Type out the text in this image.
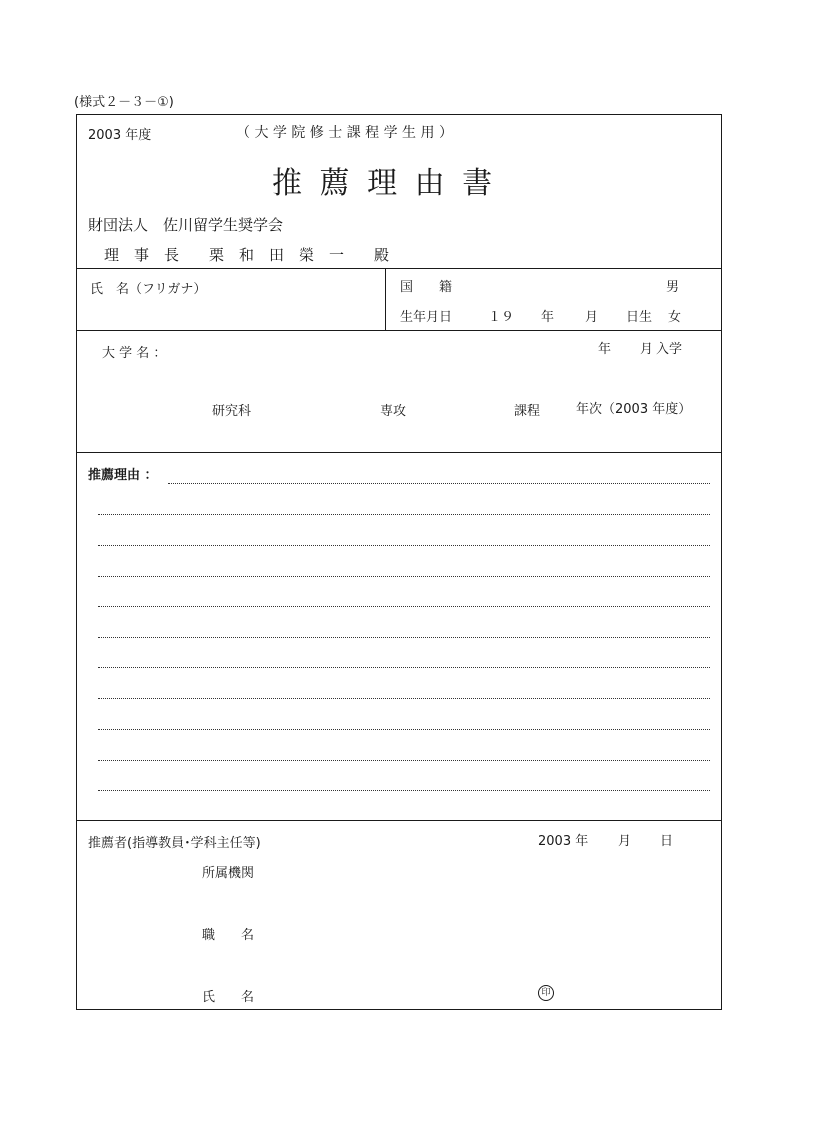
(様式２－３－①)
2003 年度	（ 大 学 院 修 士 課 程 学 生 用 ）
推 薦 理 由 書
財団法人　佐川留学生奨学会
理　事　長　　栗　和　田　榮　一　　殿
氏　名（フリガナ）	国　　籍	男
生年月日	１９ 年 月 日生 女
大 学 名 ：	年 月 入学
研究科	専攻	課程	年次（2003 年度）
推薦理由 ：
推薦者(指導教員･学科主任等)	2003 年 月 日
所属機関
職　　名
氏　　名	印
